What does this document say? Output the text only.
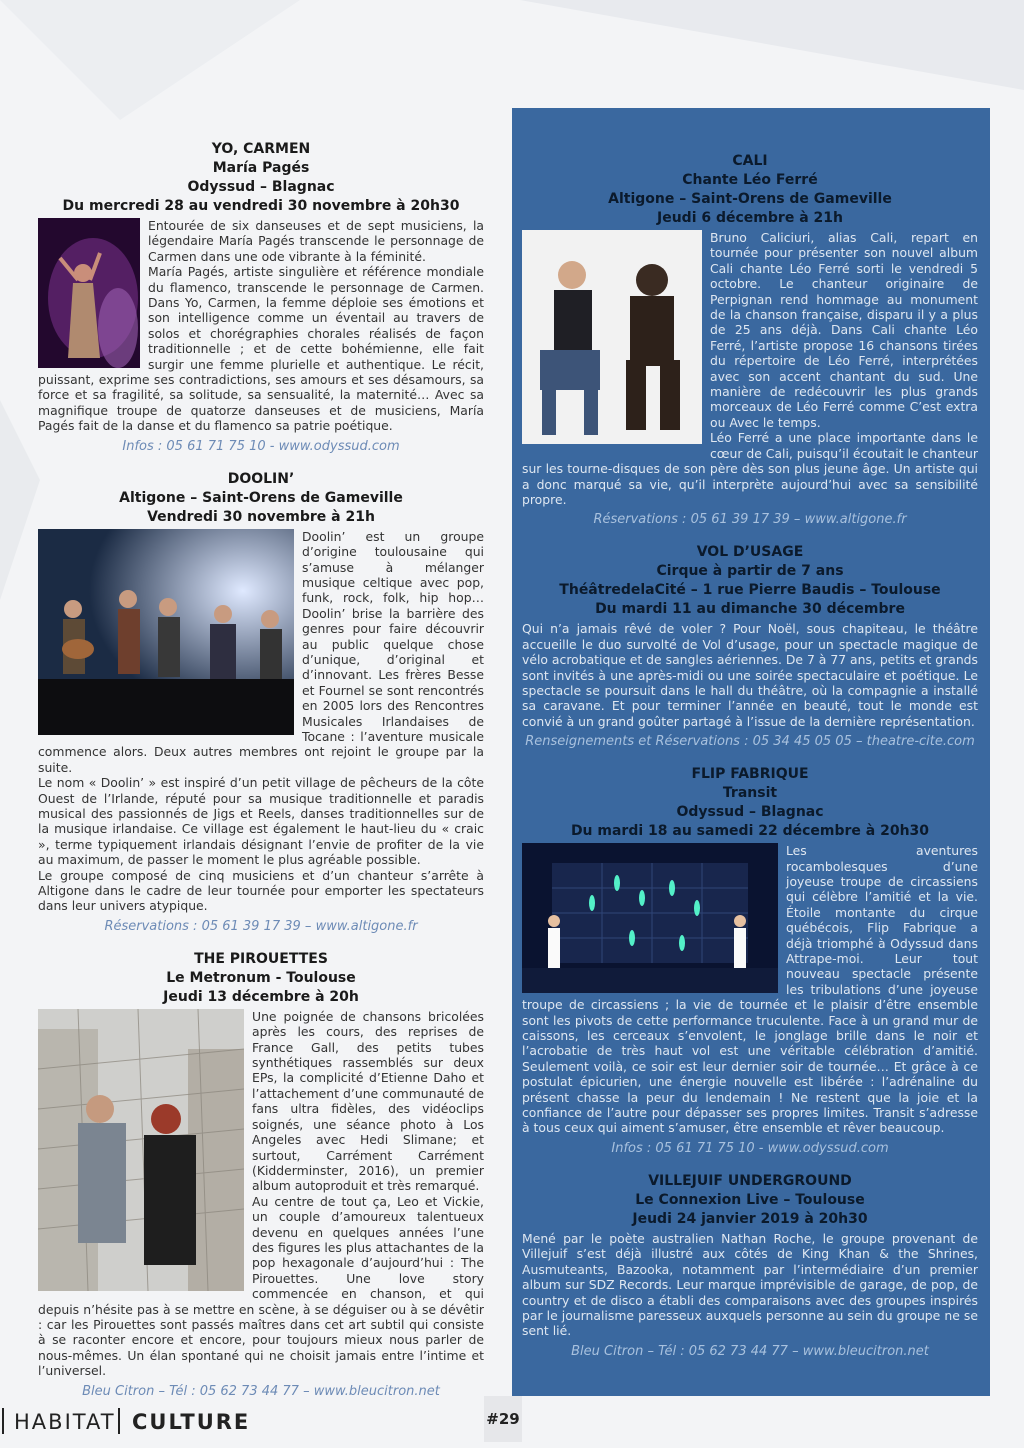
YO, CARMEN
María Pagés
Odyssud – Blagnac
Du mercredi 28 au vendredi 30 novembre à 20h30

Entourée de six danseuses et de sept musiciens, la légendaire María Pagés transcende le personnage de Carmen dans une ode vibrante à la féminité.

María Pagés, artiste singulière et référence mondiale du flamenco, transcende le personnage de Carmen. Dans Yo, Carmen, la femme déploie ses émotions et son intelligence comme un éventail au travers de solos et chorégraphies chorales réalisés de façon traditionnelle ; et de cette bohémienne, elle fait surgir une femme plurielle et authentique. Le récit, puissant, exprime ses contradictions, ses amours et ses désamours, sa force et sa fragilité, sa solitude, sa sensualité, la maternité… Avec sa magnifique troupe de quatorze danseuses et de musiciens, María Pagés fait de la danse et du flamenco sa patrie poétique.

Infos : 05 61 71 75 10 - www.odyssud.com
DOOLIN’
Altigone – Saint-Orens de Gameville
Vendredi 30 novembre à 21h

Doolin’ est un groupe d’origine toulousaine qui s’amuse à mélanger musique celtique avec pop, funk, rock, folk, hip hop… Doolin’ brise la barrière des genres pour faire découvrir au public quelque chose d’unique, d’original et d’innovant. Les frères Besse et Fournel se sont rencontrés en 2005 lors des Rencontres Musicales Irlandaises de Tocane : l’aventure musicale commence alors. Deux autres membres ont rejoint le groupe par la suite.

Le nom « Doolin’ » est inspiré d’un petit village de pêcheurs de la côte Ouest de l’Irlande, réputé pour sa musique traditionnelle et paradis musical des passionnés de Jigs et Reels, danses traditionnelles sur de la musique irlandaise. Ce village est également le haut-lieu du « craic », terme typiquement irlandais désignant l’envie de profiter de la vie au maximum, de passer le moment le plus agréable possible.

Le groupe composé de cinq musiciens et d’un chanteur s’arrête à Altigone dans le cadre de leur tournée pour emporter les spectateurs dans leur univers atypique.

Réservations : 05 61 39 17 39 – www.altigone.fr
THE PIROUETTES
Le Metronum - Toulouse
Jeudi 13 décembre à 20h

Une poignée de chansons bricolées après les cours, des reprises de France Gall, des petits tubes synthétiques rassemblés sur deux EPs, la complicité d’Etienne Daho et l’attachement d’une communauté de fans ultra fidèles, des vidéoclips soignés, une séance photo à Los Angeles avec Hedi Slimane; et surtout, Carrément Carrément (Kidderminster, 2016), un premier album autoproduit et très remarqué.

Au centre de tout ça, Leo et Vickie, un couple d’amoureux talentueux devenu en quelques années l’une des figures les plus attachantes de la pop hexagonale d’aujourd’hui : The Pirouettes. Une love story commencée en chanson, et qui depuis n’hésite pas à se mettre en scène, à se déguiser ou à se dévêtir : car les Pirouettes sont passés maîtres dans cet art subtil qui consiste à se raconter encore et encore, pour toujours mieux nous parler de nous-mêmes. Un élan spontané qui ne choisit jamais entre l’intime et l’universel.

Bleu Citron – Tél : 05 62 73 44 77 – www.bleucitron.net
CALI
Chante Léo Ferré
Altigone – Saint-Orens de Gameville
Jeudi 6 décembre à 21h

Bruno Caliciuri, alias Cali, repart en tournée pour présenter son nouvel album Cali chante Léo Ferré sorti le vendredi 5 octobre. Le chanteur originaire de Perpignan rend hommage au monument de la chanson française, disparu il y a plus de 25 ans déjà. Dans Cali chante Léo Ferré, l’artiste propose 16 chansons tirées du répertoire de Léo Ferré, interprétées avec son accent chantant du sud. Une manière de redécouvrir les plus grands morceaux de Léo Ferré comme C’est extra ou Avec le temps.

Léo Ferré a une place importante dans le cœur de Cali, puisqu’il écoutait le chanteur sur les tourne-disques de son père dès son plus jeune âge. Un artiste qui a donc marqué sa vie, qu’il interprète aujourd’hui avec sa sensibilité propre.

Réservations : 05 61 39 17 39 – www.altigone.fr
VOL D’USAGE
Cirque à partir de 7 ans
ThéâtredelaCité – 1 rue Pierre Baudis – Toulouse
Du mardi 11 au dimanche 30 décembre

Qui n’a jamais rêvé de voler ? Pour Noël, sous chapiteau, le théâtre accueille le duo survolté de Vol d’usage, pour un spectacle magique de vélo acrobatique et de sangles aériennes. De 7 à 77 ans, petits et grands sont invités à une après-midi ou une soirée spectaculaire et poétique. Le spectacle se poursuit dans le hall du théâtre, où la compagnie a installé sa caravane. Et pour terminer l’année en beauté, tout le monde est convié à un grand goûter partagé à l’issue de la dernière représentation.

Renseignements et Réservations : 05 34 45 05 05 – theatre-cite.com
FLIP FABRIQUE
Transit
Odyssud – Blagnac
Du mardi 18 au samedi 22 décembre à 20h30

Les aventures rocambolesques d’une joyeuse troupe de circassiens qui célèbre l’amitié et la vie. Étoile montante du cirque québécois, Flip Fabrique a déjà triomphé à Odyssud dans Attrape-moi. Leur tout nouveau spectacle présente les tribulations d’une joyeuse troupe de circassiens ; la vie de tournée et le plaisir d’être ensemble sont les pivots de cette performance truculente. Face à un grand mur de caissons, les cerceaux s’envolent, le jonglage brille dans le noir et l’acrobatie de très haut vol est une véritable célébration d’amitié. Seulement voilà, ce soir est leur dernier soir de tournée… Et grâce à ce postulat épicurien, une énergie nouvelle est libérée : l’adrénaline du présent chasse la peur du lendemain ! Ne restent que la joie et la confiance de l’autre pour dépasser ses propres limites. Transit s’adresse à tous ceux qui aiment s’amuser, être ensemble et rêver beaucoup.

Infos : 05 61 71 75 10 - www.odyssud.com
VILLEJUIF UNDERGROUND
Le Connexion Live – Toulouse
Jeudi 24 janvier 2019 à 20h30

Mené par le poète australien Nathan Roche, le groupe provenant de Villejuif s’est déjà illustré aux côtés de King Khan & the Shrines, Ausmuteants, Bazooka, notamment par l’intermédiaire d’un premier album sur SDZ Records. Leur marque imprévisible de garage, de pop, de country et de disco a établi des comparaisons avec des groupes inspirés par le journalisme paresseux auxquels personne au sein du groupe ne se sent lié.

Bleu Citron – Tél : 05 62 73 44 77 – www.bleucitron.net
HABITAT CULTURE	#29
